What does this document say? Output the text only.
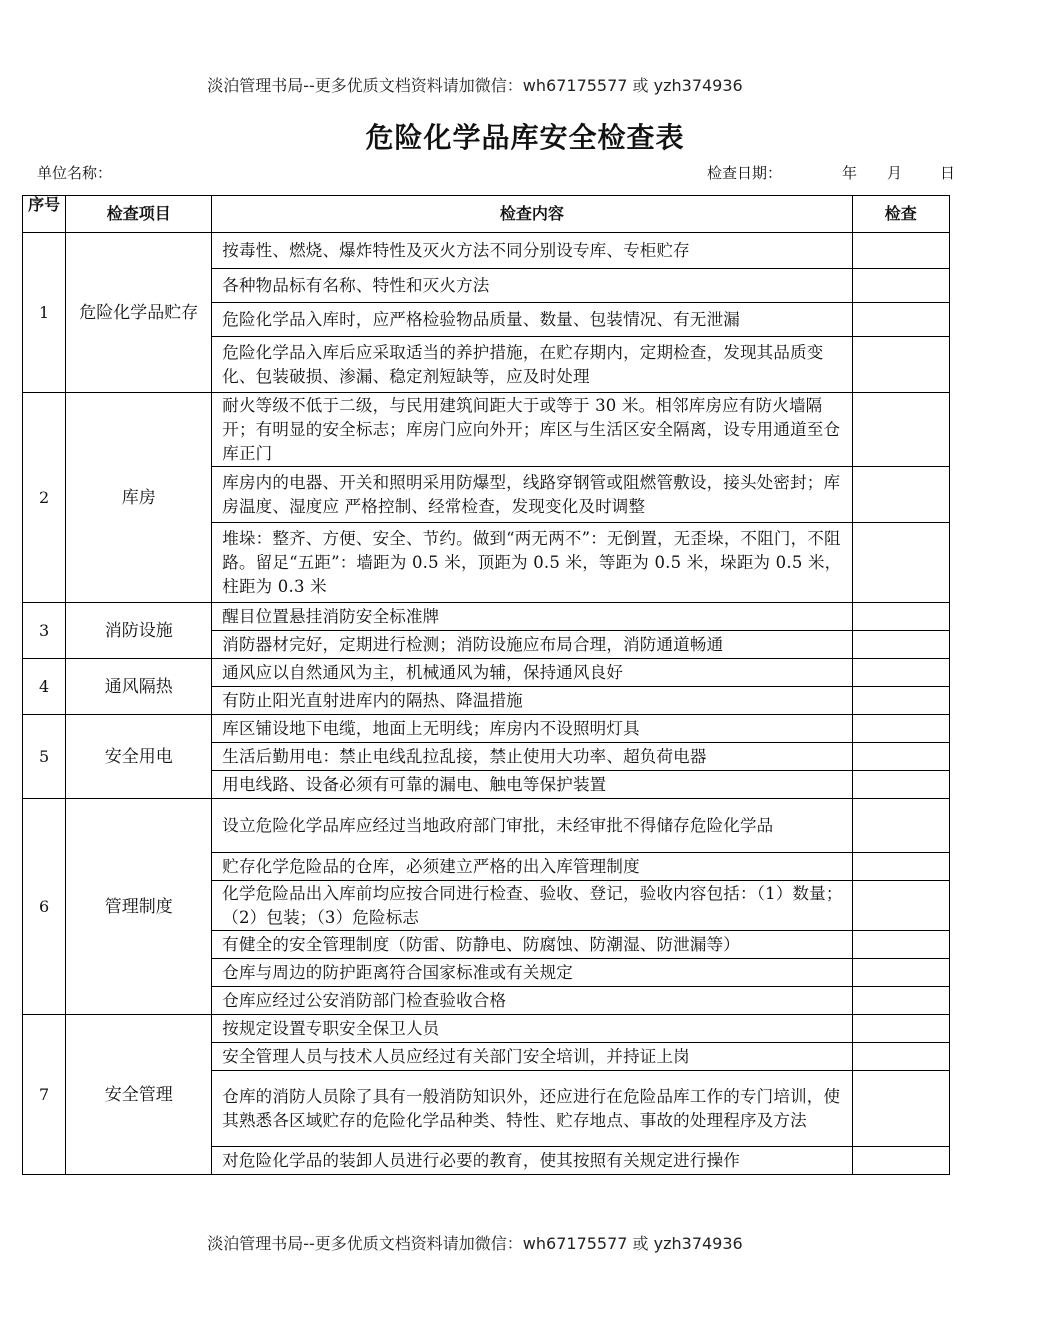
淡泊管理书局--更多优质文档资料请加微信：wh67175577 或 yzh374936
危险化学品库安全检查表
单位名称：	检查日期：	年 月	日
序号	检查项目	检查内容	检查
1	危险化学品贮存	按毒性、燃烧、爆炸特性及灭火方法不同分别设专库、专柜贮存	
		各种物品标有名称、特性和灭火方法	
		危险化学品入库时，应严格检验物品质量、数量、包装情况、有无泄漏	
		危险化学品入库后应采取适当的养护措施，在贮存期内，定期检查，发现其品质变化、包装破损、渗漏、稳定剂短缺等，应及时处理	
2	库房	耐火等级不低于二级，与民用建筑间距大于或等于 30 米。相邻库房应有防火墙隔开；有明显的安全标志；库房门应向外开；库区与生活区安全隔离，设专用通道至仓库正门	
		库房内的电器、开关和照明采用防爆型，线路穿钢管或阻燃管敷设，接头处密封；库房温度、湿度应 严格控制、经常检查，发现变化及时调整	
		堆垛：整齐、方便、安全、节约。做到“两无两不”：无倒置，无歪垛，不阻门，不阻路。留足“五距”：墙距为 0.5 米，顶距为 0.5 米，等距为 0.5 米，垛距为 0.5 米，柱距为 0.3 米	
3	消防设施	醒目位置悬挂消防安全标准牌	
		消防器材完好，定期进行检测；消防设施应布局合理，消防通道畅通	
4	通风隔热	通风应以自然通风为主，机械通风为辅，保持通风良好	
		有防止阳光直射进库内的隔热、降温措施	
5	安全用电	库区铺设地下电缆，地面上无明线；库房内不设照明灯具	
		生活后勤用电：禁止电线乱拉乱接，禁止使用大功率、超负荷电器	
		用电线路、设备必须有可靠的漏电、触电等保护装置	
6	管理制度	设立危险化学品库应经过当地政府部门审批，未经审批不得储存危险化学品	
		贮存化学危险品的仓库，必须建立严格的出入库管理制度	
		化学危险品出入库前均应按合同进行检查、验收、登记，验收内容包括：（1）数量；（2）包装；（3）危险标志	
		有健全的安全管理制度（防雷、防静电、防腐蚀、防潮湿、防泄漏等）	
		仓库与周边的防护距离符合国家标准或有关规定	
		仓库应经过公安消防部门检查验收合格	
7	安全管理	按规定设置专职安全保卫人员	
		安全管理人员与技术人员应经过有关部门安全培训，并持证上岗	
		仓库的消防人员除了具有一般消防知识外，还应进行在危险品库工作的专门培训，使其熟悉各区域贮存的危险化学品种类、特性、贮存地点、事故的处理程序及方法	
		对危险化学品的装卸人员进行必要的教育，使其按照有关规定进行操作	
淡泊管理书局--更多优质文档资料请加微信：wh67175577 或 yzh374936
